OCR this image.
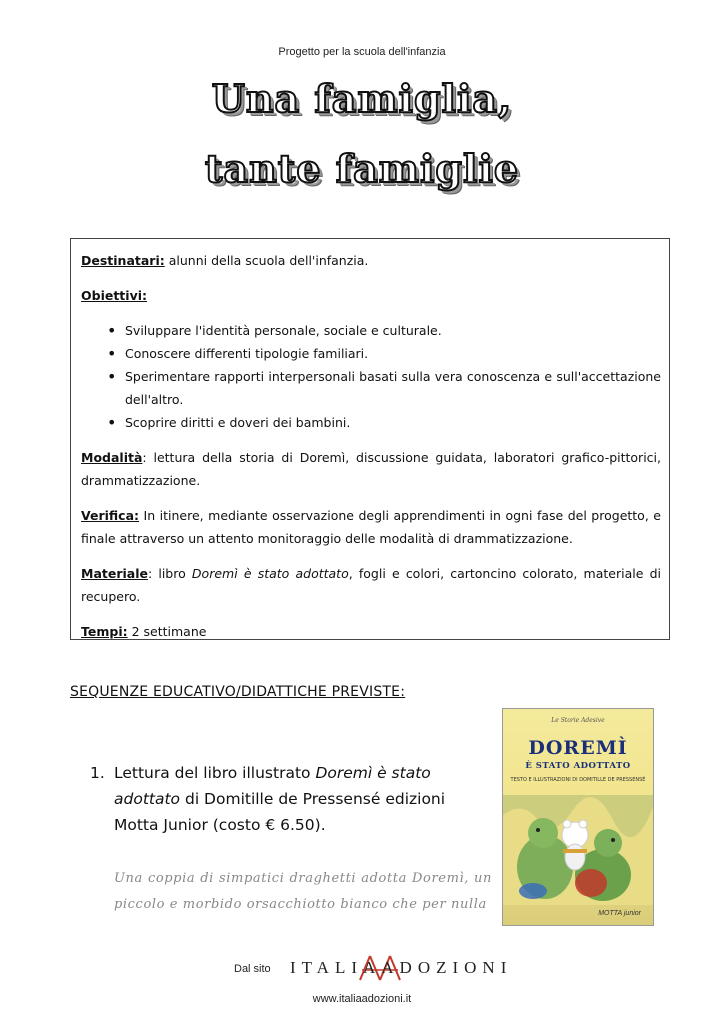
Progetto per la scuola dell'infanzia
Una famiglia,
tante famiglie

Destinatari: alunni della scuola dell'infanzia.

Obiettivi:

• Sviluppare l'identità personale, sociale e culturale.
• Conoscere differenti tipologie familiari.
• Sperimentare rapporti interpersonali basati sulla vera conoscenza e sull'accettazione dell'altro.
• Scoprire diritti e doveri dei bambini.

Modalità: lettura della storia di Doremì, discussione guidata, laboratori grafico-pittorici, drammatizzazione.

Verifica: In itinere, mediante osservazione degli apprendimenti in ogni fase del progetto, e finale attraverso un attento monitoraggio delle modalità di drammatizzazione.

Materiale: libro Doremì è stato adottato, fogli e colori, cartoncino colorato, materiale di recupero.

Tempi: 2 settimane

SEQUENZE EDUCATIVO/DIDATTICHE PREVISTE:
1. Lettura del libro illustrato Doremì è stato adottato di Domitille de Pressensé edizioni Motta Junior (costo € 6.50).
Una coppia di simpatici draghetti adotta Doremì, un piccolo e morbido orsacchiotto bianco che per nulla
Le Storie Adesive
DOREMÌ
È STATO ADOTTATO
TESTO E ILLUSTRAZIONI DI DOMITILLE DE PRESSENSÉ
MOTTA junior
Dal sito ITALIAADOZIONI
www.italiaadozioni.it
